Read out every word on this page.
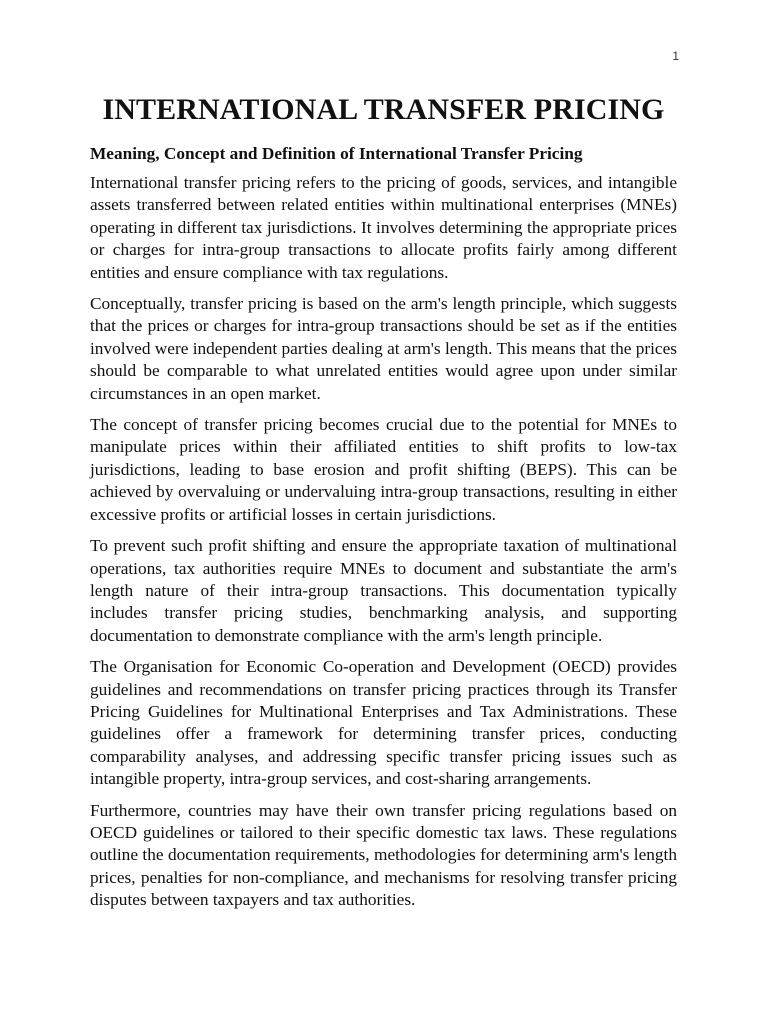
1
INTERNATIONAL TRANSFER PRICING
Meaning, Concept and Definition of International Transfer Pricing

International transfer pricing refers to the pricing of goods, services, and intangible assets transferred between related entities within multinational enterprises (MNEs) operating in different tax jurisdictions. It involves determining the appropriate prices or charges for intra-group transactions to allocate profits fairly among different entities and ensure compliance with tax regulations.

Conceptually, transfer pricing is based on the arm's length principle, which suggests that the prices or charges for intra-group transactions should be set as if the entities involved were independent parties dealing at arm's length. This means that the prices should be comparable to what unrelated entities would agree upon under similar circumstances in an open market.

The concept of transfer pricing becomes crucial due to the potential for MNEs to manipulate prices within their affiliated entities to shift profits to low-tax jurisdictions, leading to base erosion and profit shifting (BEPS). This can be achieved by overvaluing or undervaluing intra-group transactions, resulting in either excessive profits or artificial losses in certain jurisdictions.

To prevent such profit shifting and ensure the appropriate taxation of multinational operations, tax authorities require MNEs to document and substantiate the arm's length nature of their intra-group transactions. This documentation typically includes transfer pricing studies, benchmarking analysis, and supporting documentation to demonstrate compliance with the arm's length principle.

The Organisation for Economic Co-operation and Development (OECD) provides guidelines and recommendations on transfer pricing practices through its Transfer Pricing Guidelines for Multinational Enterprises and Tax Administrations. These guidelines offer a framework for determining transfer prices, conducting comparability analyses, and addressing specific transfer pricing issues such as intangible property, intra-group services, and cost-sharing arrangements.

Furthermore, countries may have their own transfer pricing regulations based on OECD guidelines or tailored to their specific domestic tax laws. These regulations outline the documentation requirements, methodologies for determining arm's length prices, penalties for non-compliance, and mechanisms for resolving transfer pricing disputes between taxpayers and tax authorities.
